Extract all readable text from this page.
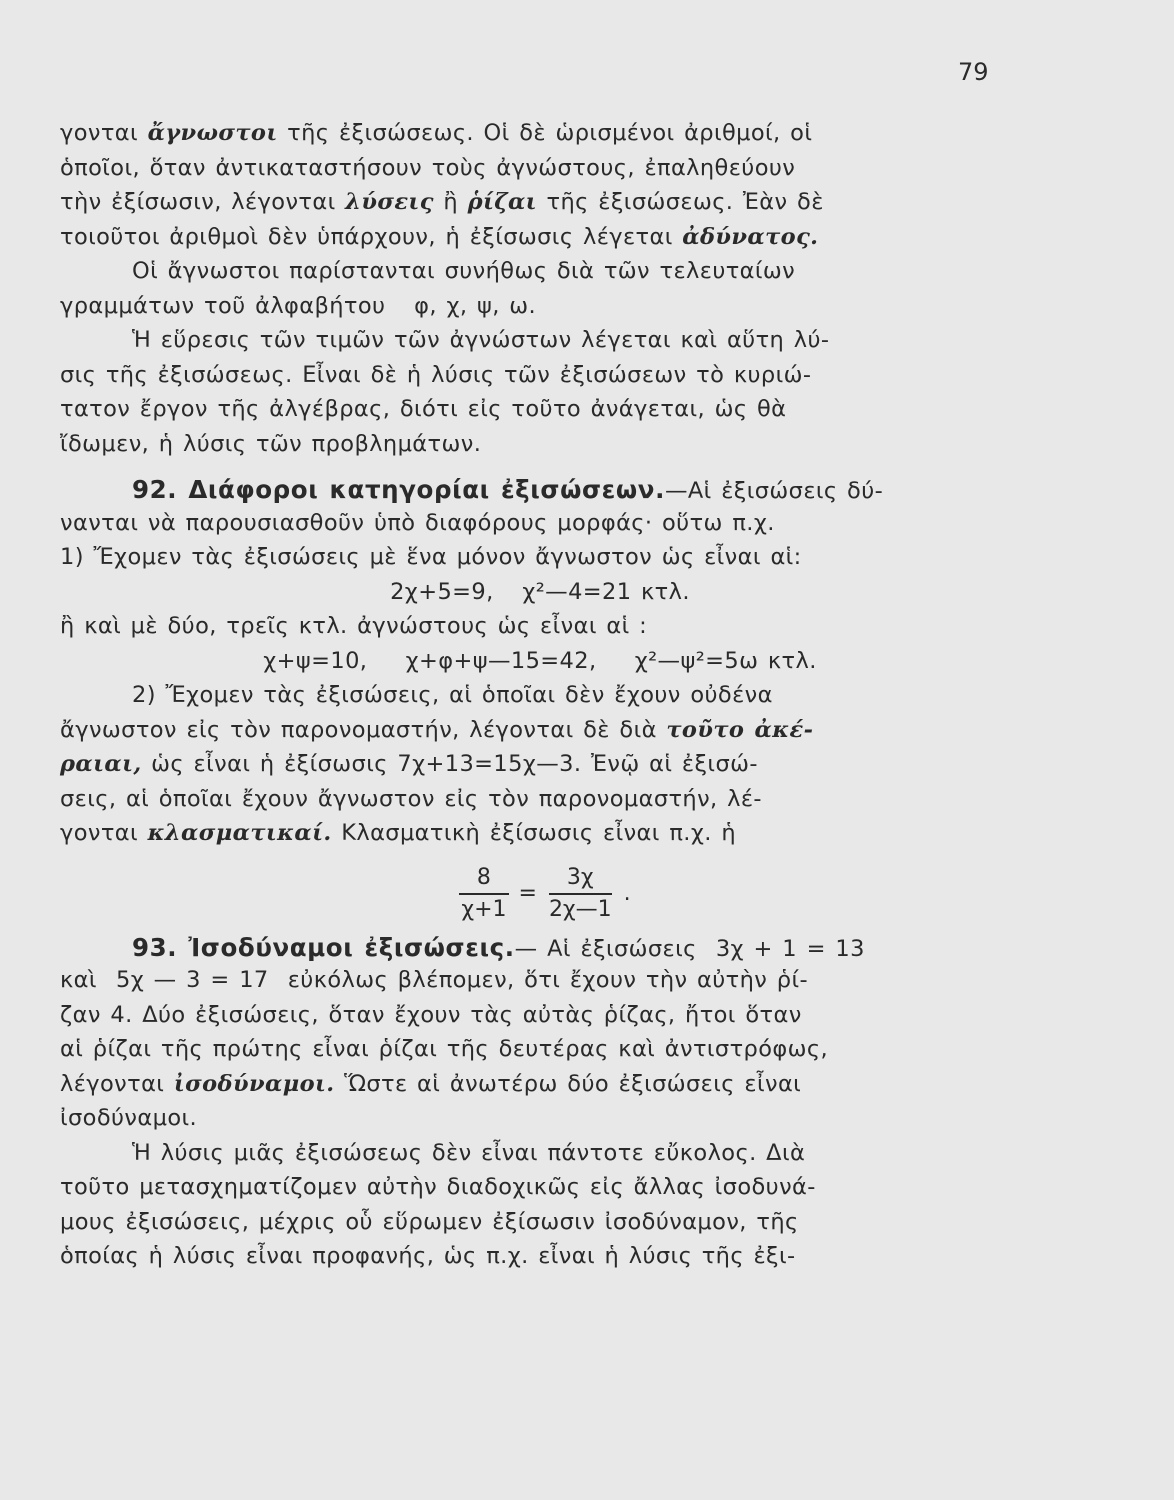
79
γονται ἄγνωστοι τῆς ἐξισώσεως. Οἱ δὲ ὡρισμένοι ἀριθμοί, οἱ
ὁποῖοι, ὅταν ἀντικαταστήσουν τοὺς ἀγνώστους, ἐπαληθεύουν
τὴν ἐξίσωσιν, λέγονται λύσεις ἢ ῥίζαι τῆς ἐξισώσεως. Ἐὰν δὲ
τοιοῦτοι ἀριθμοὶ δὲν ὑπάρχουν, ἡ ἐξίσωσις λέγεται ἀδύνατος.
Οἱ ἄγνωστοι παρίστανται συνήθως διὰ τῶν τελευταίων
γραμμάτων τοῦ ἀλφαβήτου   φ, χ, ψ, ω.
Ἡ εὕρεσις τῶν τιμῶν τῶν ἀγνώστων λέγεται καὶ αὕτη λύ-
σις τῆς ἐξισώσεως. Εἶναι δὲ ἡ λύσις τῶν ἐξισώσεων τὸ κυριώ-
τατον ἔργον τῆς ἀλγέβρας, διότι εἰς τοῦτο ἀνάγεται, ὡς θὰ
ἴδωμεν, ἡ λύσις τῶν προβλημάτων.
92. Διάφοροι κατηγορίαι ἐξισώσεων.—Αἱ ἐξισώσεις δύ-
νανται νὰ παρουσιασθοῦν ὑπὸ διαφόρους μορφάς· οὕτω π.χ.
1) Ἔχομεν τὰς ἐξισώσεις μὲ ἕνα μόνον ἄγνωστον ὡς εἶναι αἱ:
2χ+5=9,   χ²—4=21 κτλ.
ἢ καὶ μὲ δύο, τρεῖς κτλ. ἀγνώστους ὡς εἶναι αἱ :
χ+ψ=10,    χ+φ+ψ—15=42,    χ²—ψ²=5ω κτλ.
2) Ἔχομεν τὰς ἐξισώσεις, αἱ ὁποῖαι δὲν ἔχουν οὐδένα
ἄγνωστον εἰς τὸν παρονομαστήν, λέγονται δὲ διὰ τοῦτο ἀκέ-
ραιαι, ὡς εἶναι ἡ ἐξίσωσις 7χ+13=15χ—3. Ἐνῷ αἱ ἐξισώ-
σεις, αἱ ὁποῖαι ἔχουν ἄγνωστον εἰς τὸν παρονομαστήν, λέ-
γονται κλασματικαί. Κλασματικὴ ἐξίσωσις εἶναι π.χ. ἡ
$\frac{8}{\chi+1} = \frac{3\chi}{2\chi—1}$ .
93. Ἰσοδύναμοι ἐξισώσεις.— Αἱ ἐξισώσεις  3χ + 1 = 13
καὶ  5χ — 3 = 17  εὐκόλως βλέπομεν, ὅτι ἔχουν τὴν αὐτὴν ῥί-
ζαν 4. Δύο ἐξισώσεις, ὅταν ἔχουν τὰς αὐτὰς ῥίζας, ἤτοι ὅταν
αἱ ῥίζαι τῆς πρώτης εἶναι ῥίζαι τῆς δευτέρας καὶ ἀντιστρόφως,
λέγονται ἰσοδύναμοι. Ὥστε αἱ ἀνωτέρω δύο ἐξισώσεις εἶναι
ἰσοδύναμοι.
Ἡ λύσις μιᾶς ἐξισώσεως δὲν εἶναι πάντοτε εὔκολος. Διὰ
τοῦτο μετασχηματίζομεν αὐτὴν διαδοχικῶς εἰς ἄλλας ἰσοδυνά-
μους ἐξισώσεις, μέχρις οὗ εὕρωμεν ἐξίσωσιν ἰσοδύναμον, τῆς
ὁποίας ἡ λύσις εἶναι προφανής, ὡς π.χ. εἶναι ἡ λύσις τῆς ἐξι-
